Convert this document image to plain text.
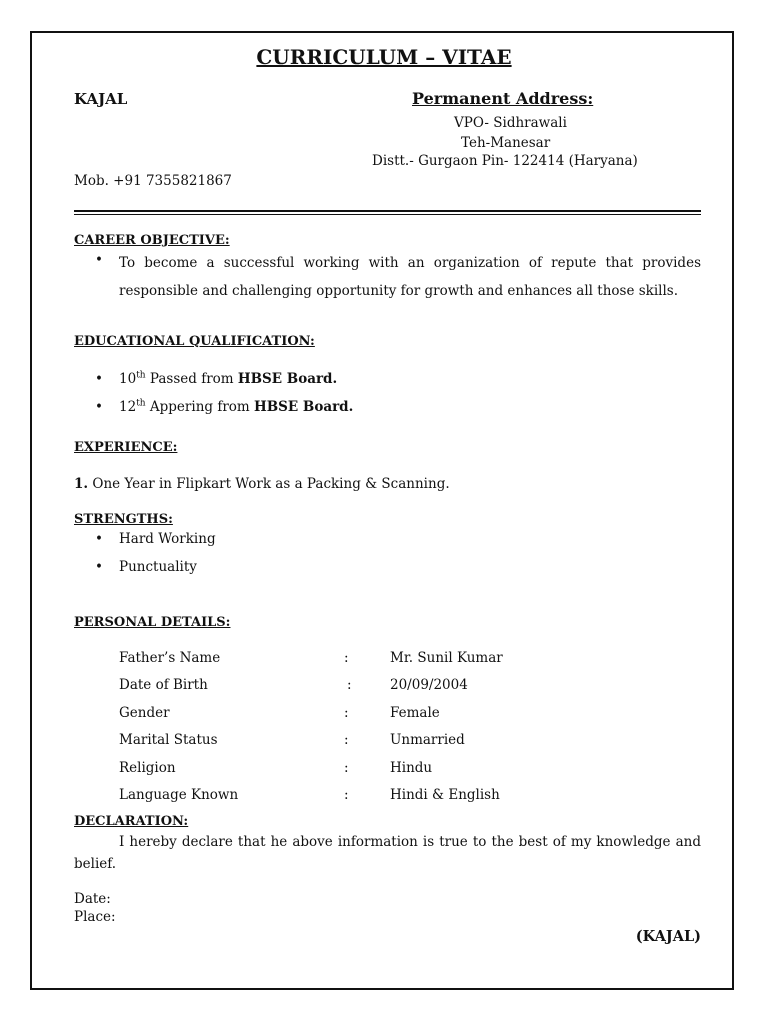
CURRICULUM – VITAE
KAJAL	Permanent Address:
VPO- Sidhrawali
Teh-Manesar
Distt.- Gurgaon Pin- 122414 (Haryana)
Mob. +91 7355821867
CAREER OBJECTIVE:
• To become a successful working with an organization of repute that provides responsible and challenging opportunity for growth and enhances all those skills.
EDUCATIONAL QUALIFICATION:
• 10th Passed from HBSE Board.
• 12th Appering from HBSE Board.
EXPERIENCE:
1. One Year in Flipkart Work as a Packing & Scanning.
STRENGTHS:
• Hard Working
• Punctuality
PERSONAL DETAILS:
Father’s Name	:	Mr. Sunil Kumar
Date of Birth	:	20/09/2004
Gender	:	Female
Marital Status	:	Unmarried
Religion	:	Hindu
Language Known	:	Hindi & English
DECLARATION:
I hereby declare that he above information is true to the best of my knowledge and belief.
Date:
Place:
(KAJAL)
